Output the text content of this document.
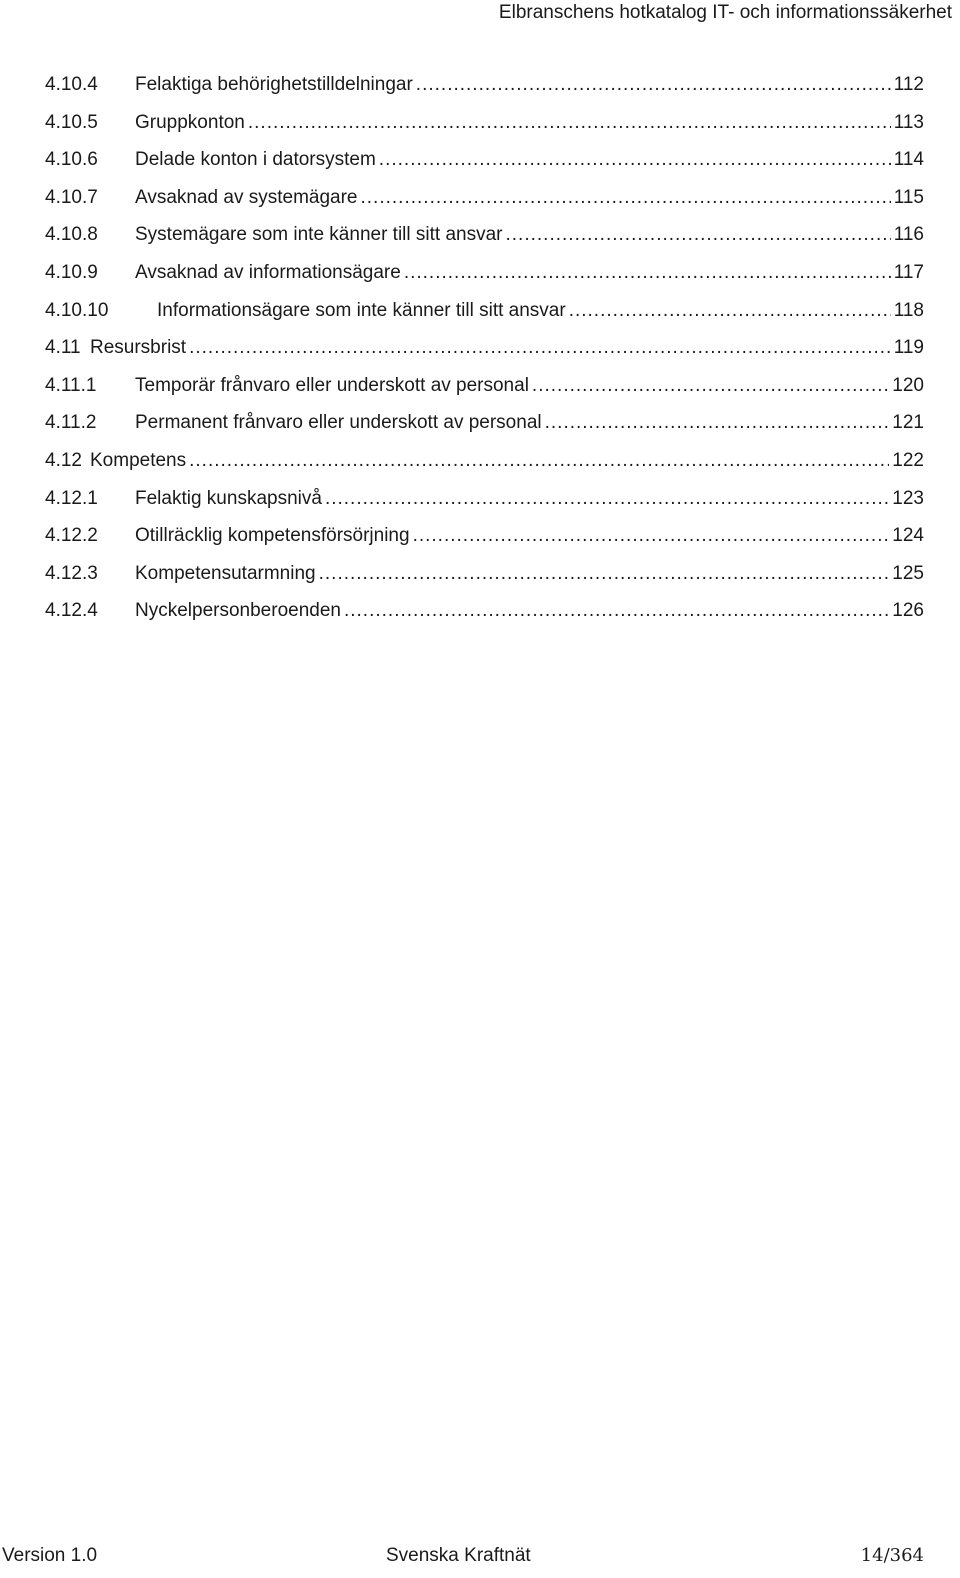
Elbranschens hotkatalog IT- och informationssäkerhet
4.10.4	Felaktiga behörighetstilldelningar .....	112
4.10.5	Gruppkonton .....	113
4.10.6	Delade konton i datorsystem .....	114
4.10.7	Avsaknad av systemägare .....	115
4.10.8	Systemägare som inte känner till sitt ansvar .....	116
4.10.9	Avsaknad av informationsägare .....	117
4.10.10	Informationsägare som inte känner till sitt ansvar .....	118
4.11 Resursbrist .....	119
4.11.1	Temporär frånvaro eller underskott av personal .....	120
4.11.2	Permanent frånvaro eller underskott av personal .....	121
4.12 Kompetens .....	122
4.12.1	Felaktig kunskapsnivå .....	123
4.12.2	Otillräcklig kompetensförsörjning .....	124
4.12.3	Kompetensutarmning .....	125
4.12.4	Nyckelpersonberoenden .....	126
Version 1.0	Svenska Kraftnät	14/364
